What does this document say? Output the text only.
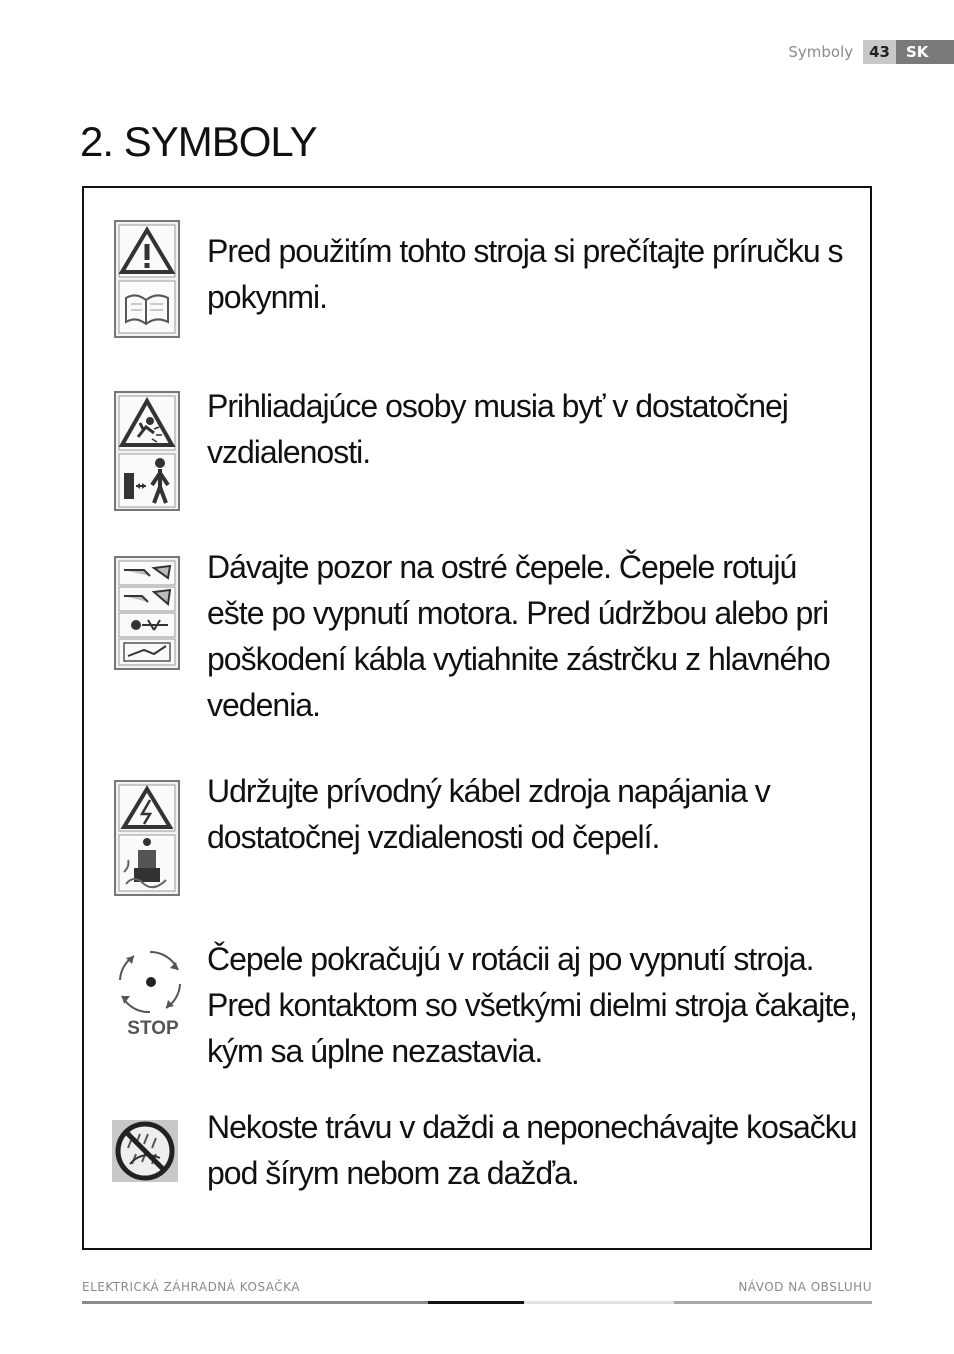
Symboly	43	SK
2. SYMBOLY

Pred použitím tohto stroja si prečítajte príručku s pokynmi.

Prihliadajúce osoby musia byť v dostatočnej vzdialenosti.

Dávajte pozor na ostré čepele. Čepele rotujú ešte po vypnutí motora. Pred údržbou alebo pri poškodení kábla vytiahnite zástrčku z hlavného vedenia.

Udržujte prívodný kábel zdroja napájania v dostatočnej vzdialenosti od čepelí.

STOP

Čepele pokračujú v rotácii aj po vypnutí stroja. Pred kontaktom so všetkými dielmi stroja čakajte, kým sa úplne nezastavia.

Nekoste trávu v daždi a neponechávajte kosačku pod šírym nebom za dažďa.

ELEKTRICKÁ ZÁHRADNÁ KOSAČKA	NÁVOD NA OBSLUHU
